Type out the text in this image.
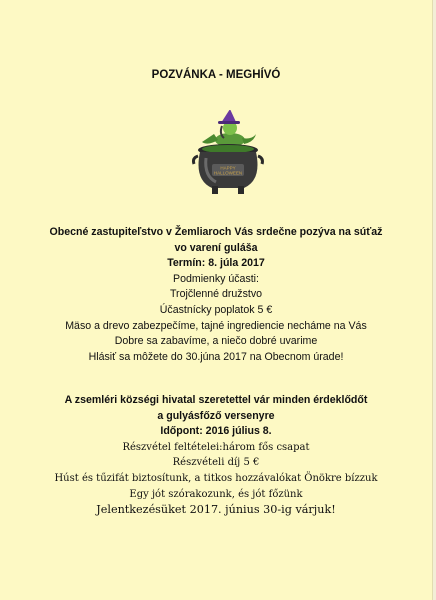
POZVÁNKA - MEGHÍVÓ
HAPPY
HALLOWEEN

Obecné zastupiteľstvo v Žemliaroch Vás srdečne pozýva na súťaž

vo varení guláša

Termín: 8. júla 2017

Podmienky účasti:

Trojčlenné družstvo

Účastnícky poplatok 5 €

Mäso a drevo zabezpečíme, tajné ingrediencie necháme na Vás

Dobre sa zabavíme, a niečo dobré uvarime

Hlásiť sa môžete do 30.júna 2017 na Obecnom úrade!

A zsemléri községi hivatal szeretettel vár minden érdeklődőt

a gulyásfőző versenyre

Időpont: 2016 július 8.

Részvétel feltételei:három fős csapat

Részvételi díj 5 €

Húst és tűzifát biztosítunk, a titkos hozzávalókat Önökre bízzuk

Egy jót szórakozunk, és jót főzünk

Jelentkezésüket 2017. június 30-ig várjuk!
